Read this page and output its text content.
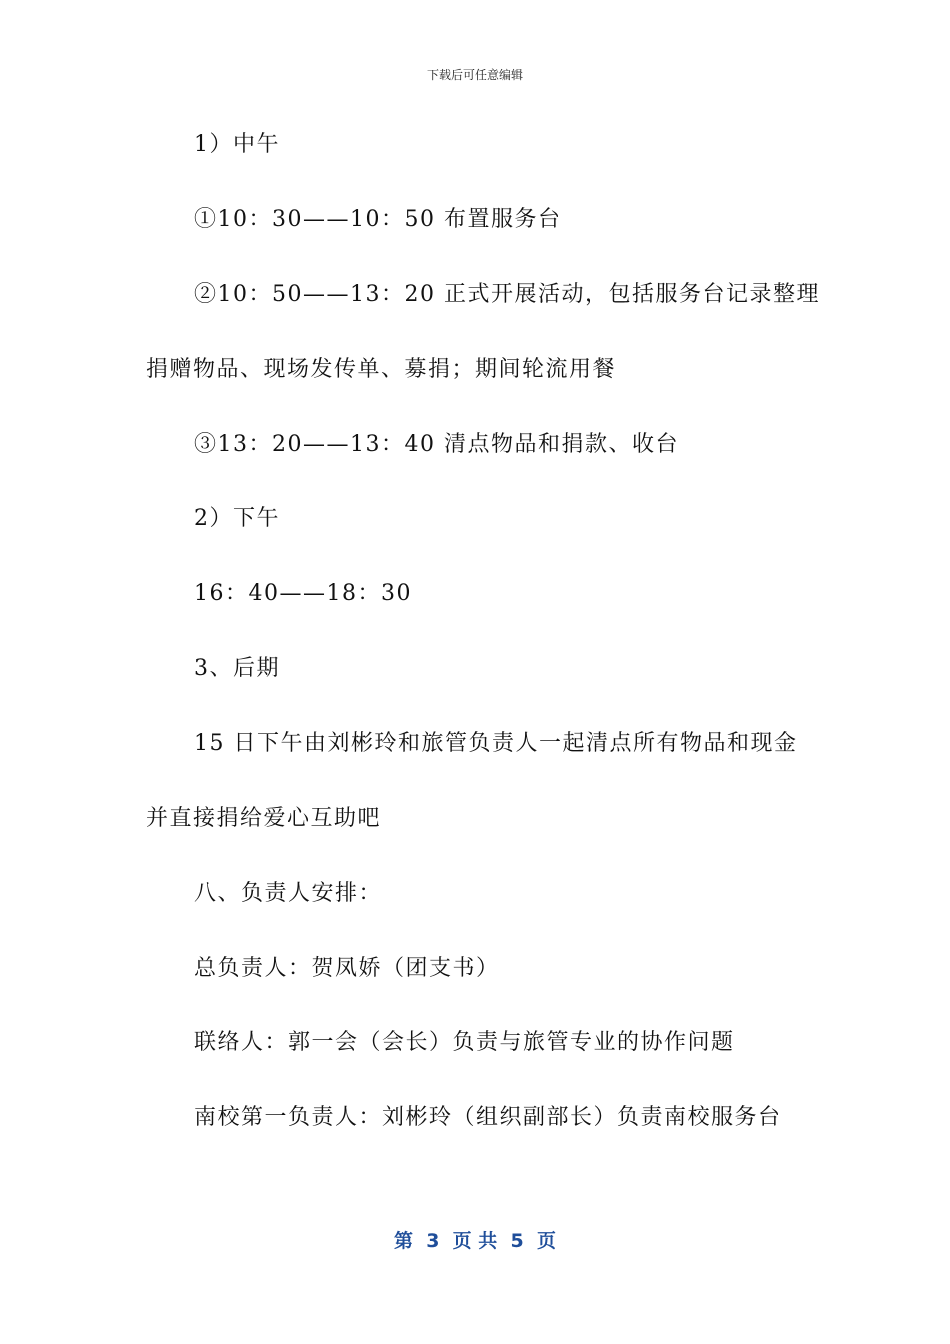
下载后可任意编辑
1）中午
①10：30——10：50 布置服务台
②10：50——13：20 正式开展活动，包括服务台记录整理
捐赠物品、现场发传单、募捐；期间轮流用餐
③13：20——13：40 清点物品和捐款、收台
2）下午
16：40——18：30
3、后期
15 日下午由刘彬玲和旅管负责人一起清点所有物品和现金
并直接捐给爱心互助吧
八、负责人安排：
总负责人：贺凤娇（团支书）
联络人：郭一会（会长）负责与旅管专业的协作问题
南校第一负责人：刘彬玲（组织副部长）负责南校服务台
第  3  页 共  5  页
